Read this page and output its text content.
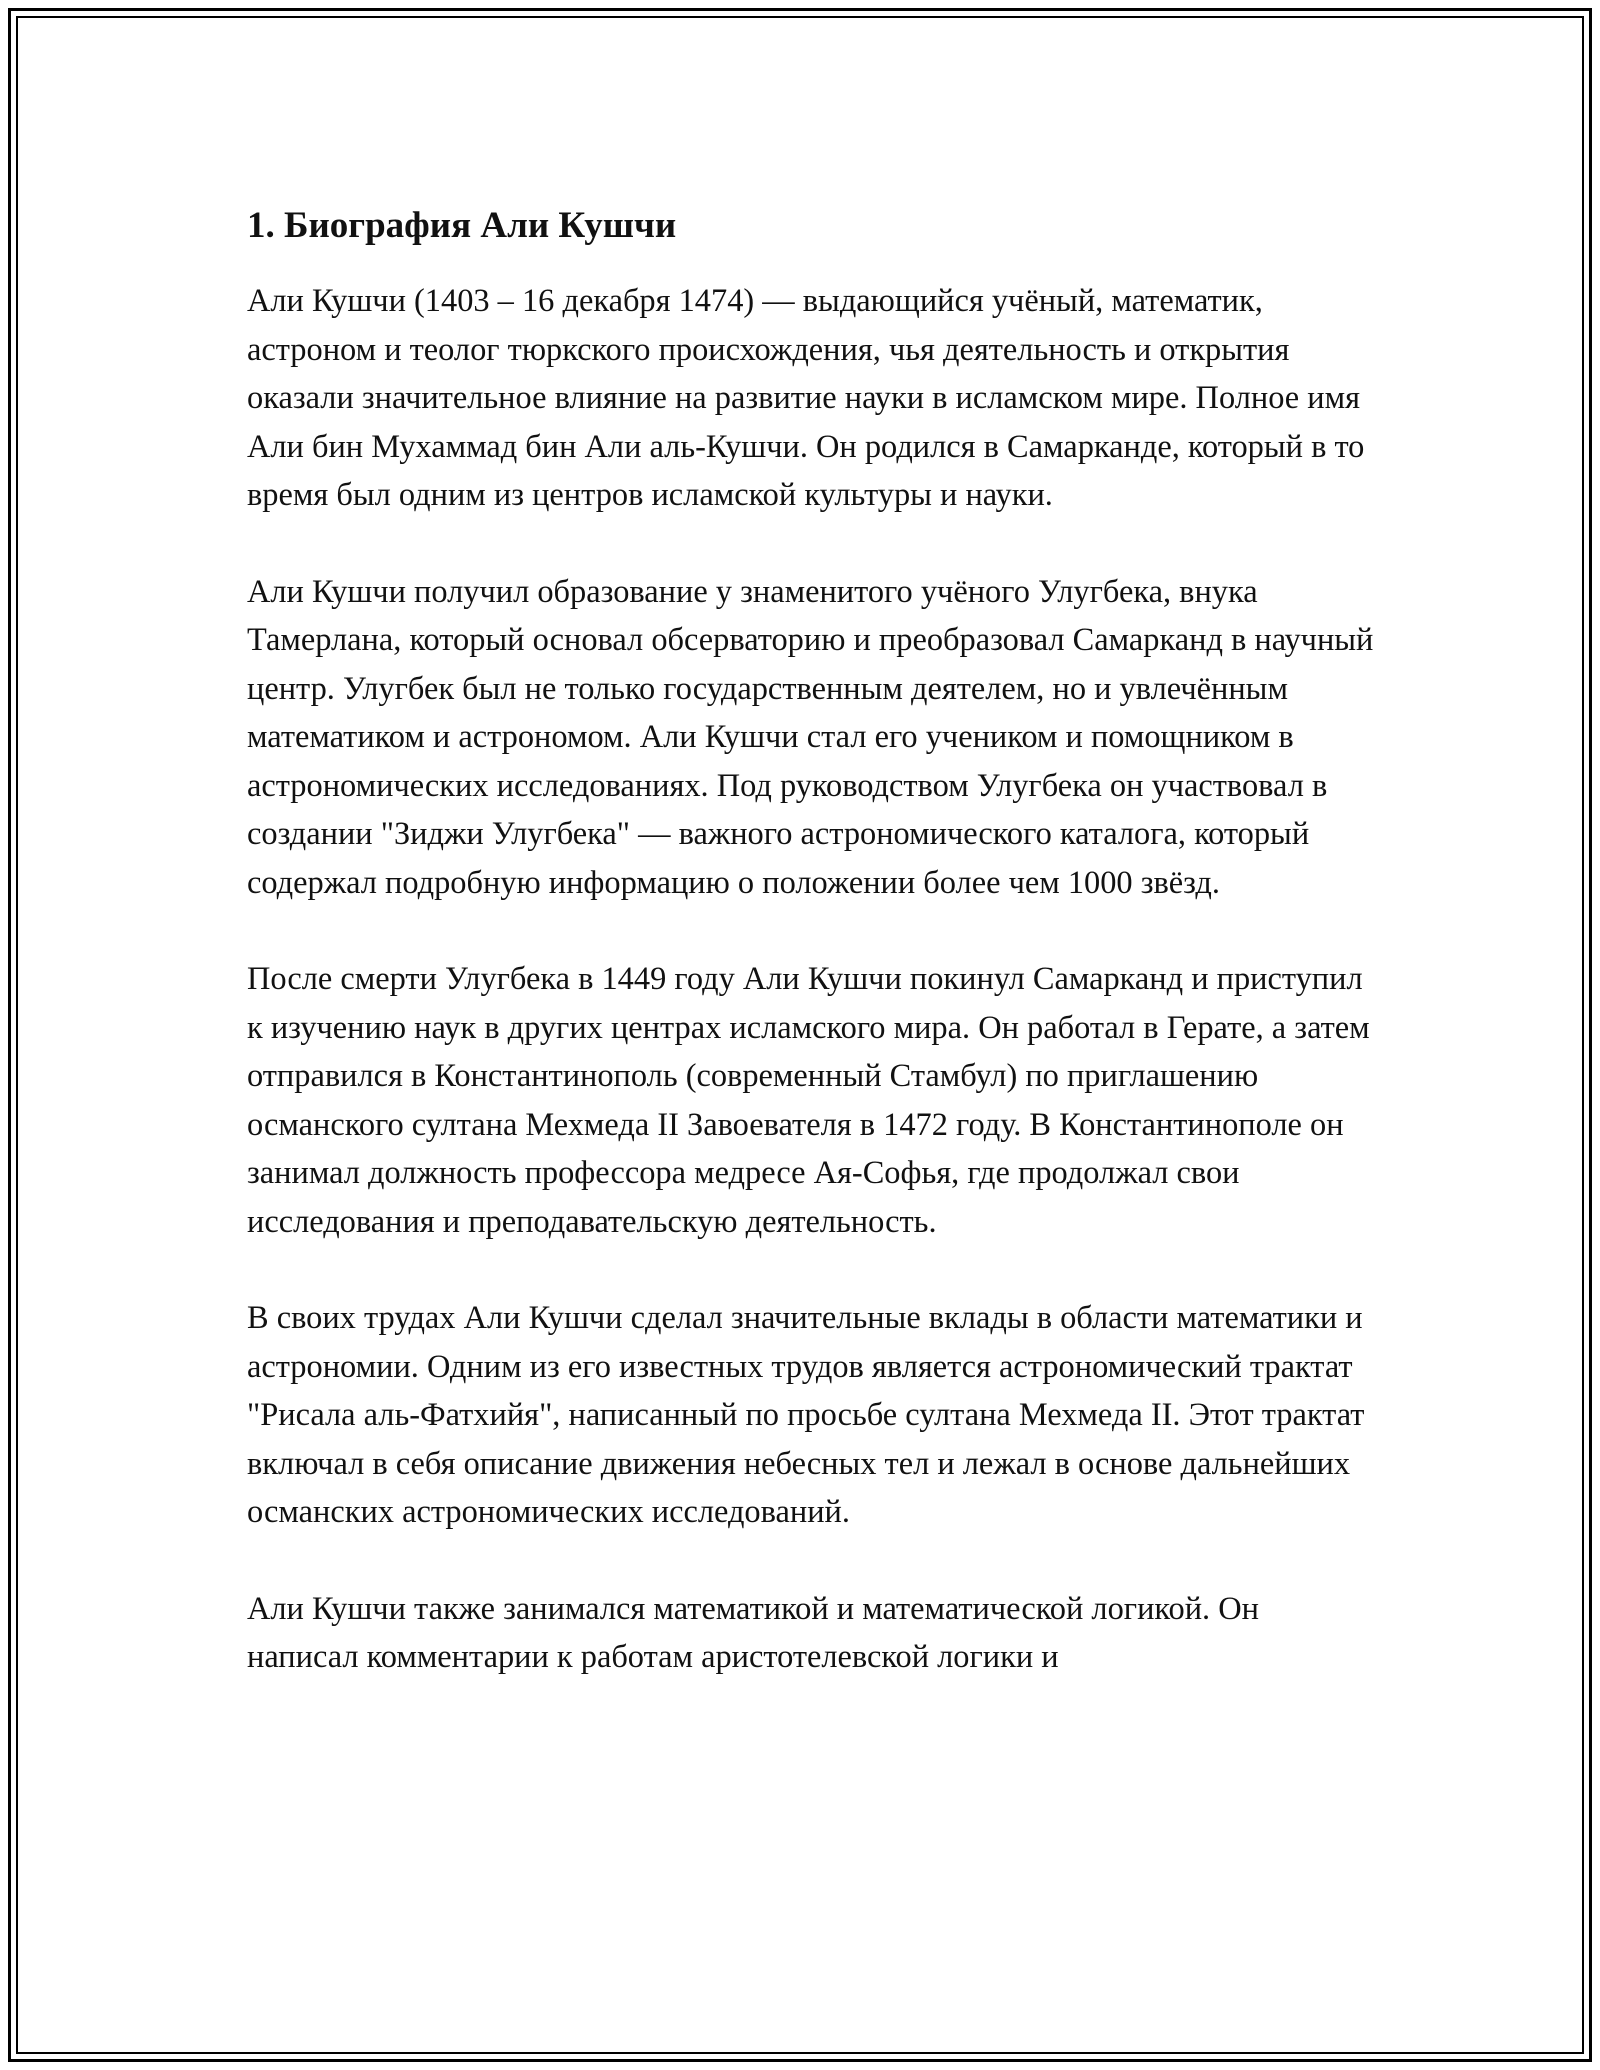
1. Биография Али Кушчи

Али Кушчи (1403 – 16 декабря 1474) — выдающийся учёный, математик, астроном и теолог тюркского происхождения, чья деятельность и открытия оказали значительное влияние на развитие науки в исламском мире. Полное имя Али бин Мухаммад бин Али аль-Кушчи. Он родился в Самарканде, который в то время был одним из центров исламской культуры и науки.

Али Кушчи получил образование у знаменитого учёного Улугбека, внука Тамерлана, который основал обсерваторию и преобразовал Самарканд в научный центр. Улугбек был не только государственным деятелем, но и увлечённым математиком и астрономом. Али Кушчи стал его учеником и помощником в астрономических исследованиях. Под руководством Улугбека он участвовал в создании "Зиджи Улугбека" — важного астрономического каталога, который содержал подробную информацию о положении более чем 1000 звёзд.

После смерти Улугбека в 1449 году Али Кушчи покинул Самарканд и приступил к изучению наук в других центрах исламского мира. Он работал в Герате, а затем отправился в Константинополь (современный Стамбул) по приглашению османского султана Мехмеда II Завоевателя в 1472 году. В Константинополе он занимал должность профессора медресе Ая-Софья, где продолжал свои исследования и преподавательскую деятельность.

В своих трудах Али Кушчи сделал значительные вклады в области математики и астрономии. Одним из его известных трудов является астрономический трактат "Рисала аль-Фатхийя", написанный по просьбе султана Мехмеда II. Этот трактат включал в себя описание движения небесных тел и лежал в основе дальнейших османских астрономических исследований.

Али Кушчи также занимался математикой и математической логикой. Он написал комментарии к работам аристотелевской логики и
